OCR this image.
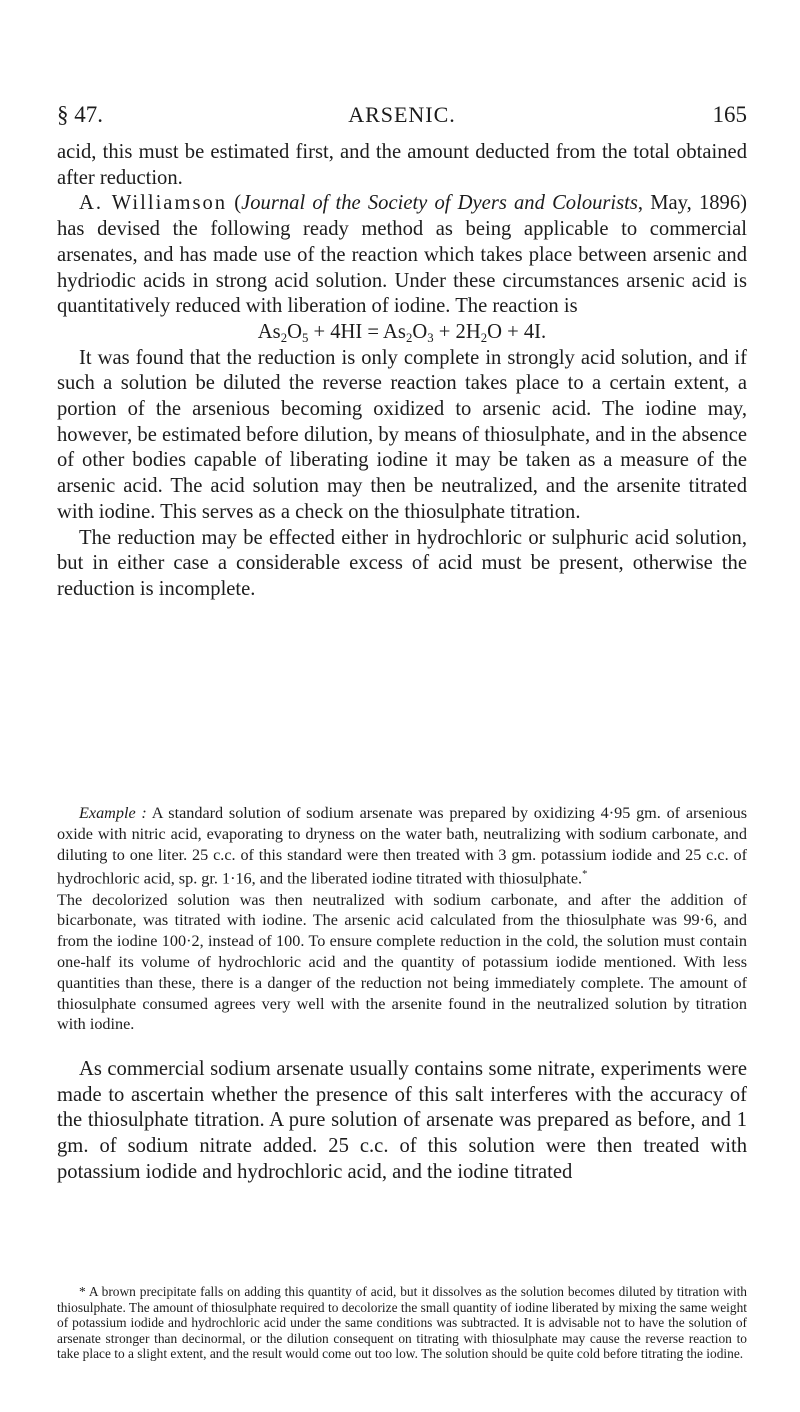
§ 47.	ARSENIC.	165

acid, this must be estimated first, and the amount deducted from the total obtained after reduction.

A. Williamson (Journal of the Society of Dyers and Colourists, May, 1896) has devised the following ready method as being applicable to commercial arsenates, and has made use of the reaction which takes place between arsenic and hydriodic acids in strong acid solution. Under these circumstances arsenic acid is quantitatively reduced with liberation of iodine. The reaction is

$As_2O_5 + 4HI = As_2O_3 + 2H_2O + 4I$.

It was found that the reduction is only complete in strongly acid solution, and if such a solution be diluted the reverse reaction takes place to a certain extent, a portion of the arsenious becoming oxidized to arsenic acid. The iodine may, however, be estimated before dilution, by means of thiosulphate, and in the absence of other bodies capable of liberating iodine it may be taken as a measure of the arsenic acid. The acid solution may then be neutralized, and the arsenite titrated with iodine. This serves as a check on the thiosulphate titration.

The reduction may be effected either in hydrochloric or sulphuric acid solution, but in either case a considerable excess of acid must be present, otherwise the reduction is incomplete.

Example : A standard solution of sodium arsenate was prepared by oxidizing 4·95 gm. of arsenious oxide with nitric acid, evaporating to dryness on the water bath, neutralizing with sodium carbonate, and diluting to one liter. 25 c.c. of this standard were then treated with 3 gm. potassium iodide and 25 c.c. of hydrochloric acid, sp. gr. 1·16, and the liberated iodine titrated with thiosulphate.*

The decolorized solution was then neutralized with sodium carbonate, and after the addition of bicarbonate, was titrated with iodine. The arsenic acid calculated from the thiosulphate was 99·6, and from the iodine 100·2, instead of 100. To ensure complete reduction in the cold, the solution must contain one-half its volume of hydrochloric acid and the quantity of potassium iodide mentioned. With less quantities than these, there is a danger of the reduction not being immediately complete. The amount of thiosulphate consumed agrees very well with the arsenite found in the neutralized solution by titration with iodine.

As commercial sodium arsenate usually contains some nitrate, experiments were made to ascertain whether the presence of this salt interferes with the accuracy of the thiosulphate titration. A pure solution of arsenate was prepared as before, and 1 gm. of sodium nitrate added. 25 c.c. of this solution were then treated with potassium iodide and hydrochloric acid, and the iodine titrated

* A brown precipitate falls on adding this quantity of acid, but it dissolves as the solution becomes diluted by titration with thiosulphate. The amount of thiosulphate required to decolorize the small quantity of iodine liberated by mixing the same weight of potassium iodide and hydrochloric acid under the same conditions was subtracted. It is advisable not to have the solution of arsenate stronger than decinormal, or the dilution consequent on titrating with thiosulphate may cause the reverse reaction to take place to a slight extent, and the result would come out too low. The solution should be quite cold before titrating the iodine.
